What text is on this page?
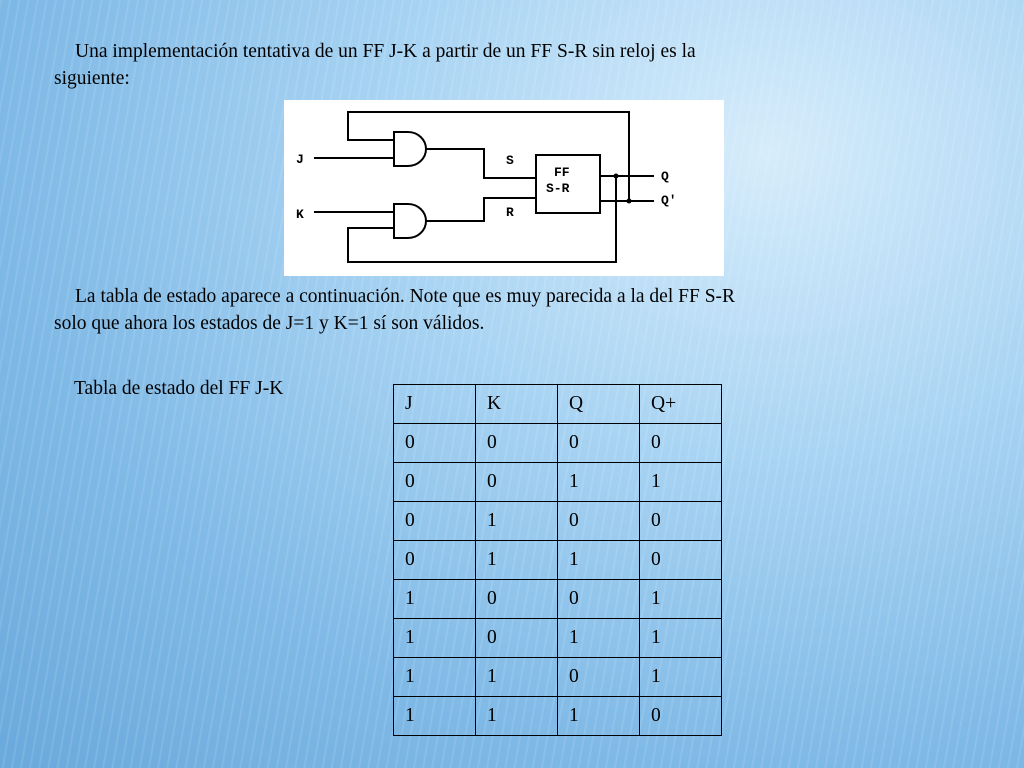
Una implementación tentativa de un FF J-K a partir de un FF S-R sin reloj es la
siguiente:
J
K
S
R
FF
S-R
Q
Q'
La tabla de estado aparece a continuación. Note que es muy parecida a la del FF S-R
solo que ahora los estados de J=1 y K=1 sí son válidos.
Tabla de estado del FF J-K
J	K	Q	Q+
0	0	0	0
0	0	1	1
0	1	0	0
0	1	1	0
1	0	0	1
1	0	1	1
1	1	0	1
1	1	1	0
